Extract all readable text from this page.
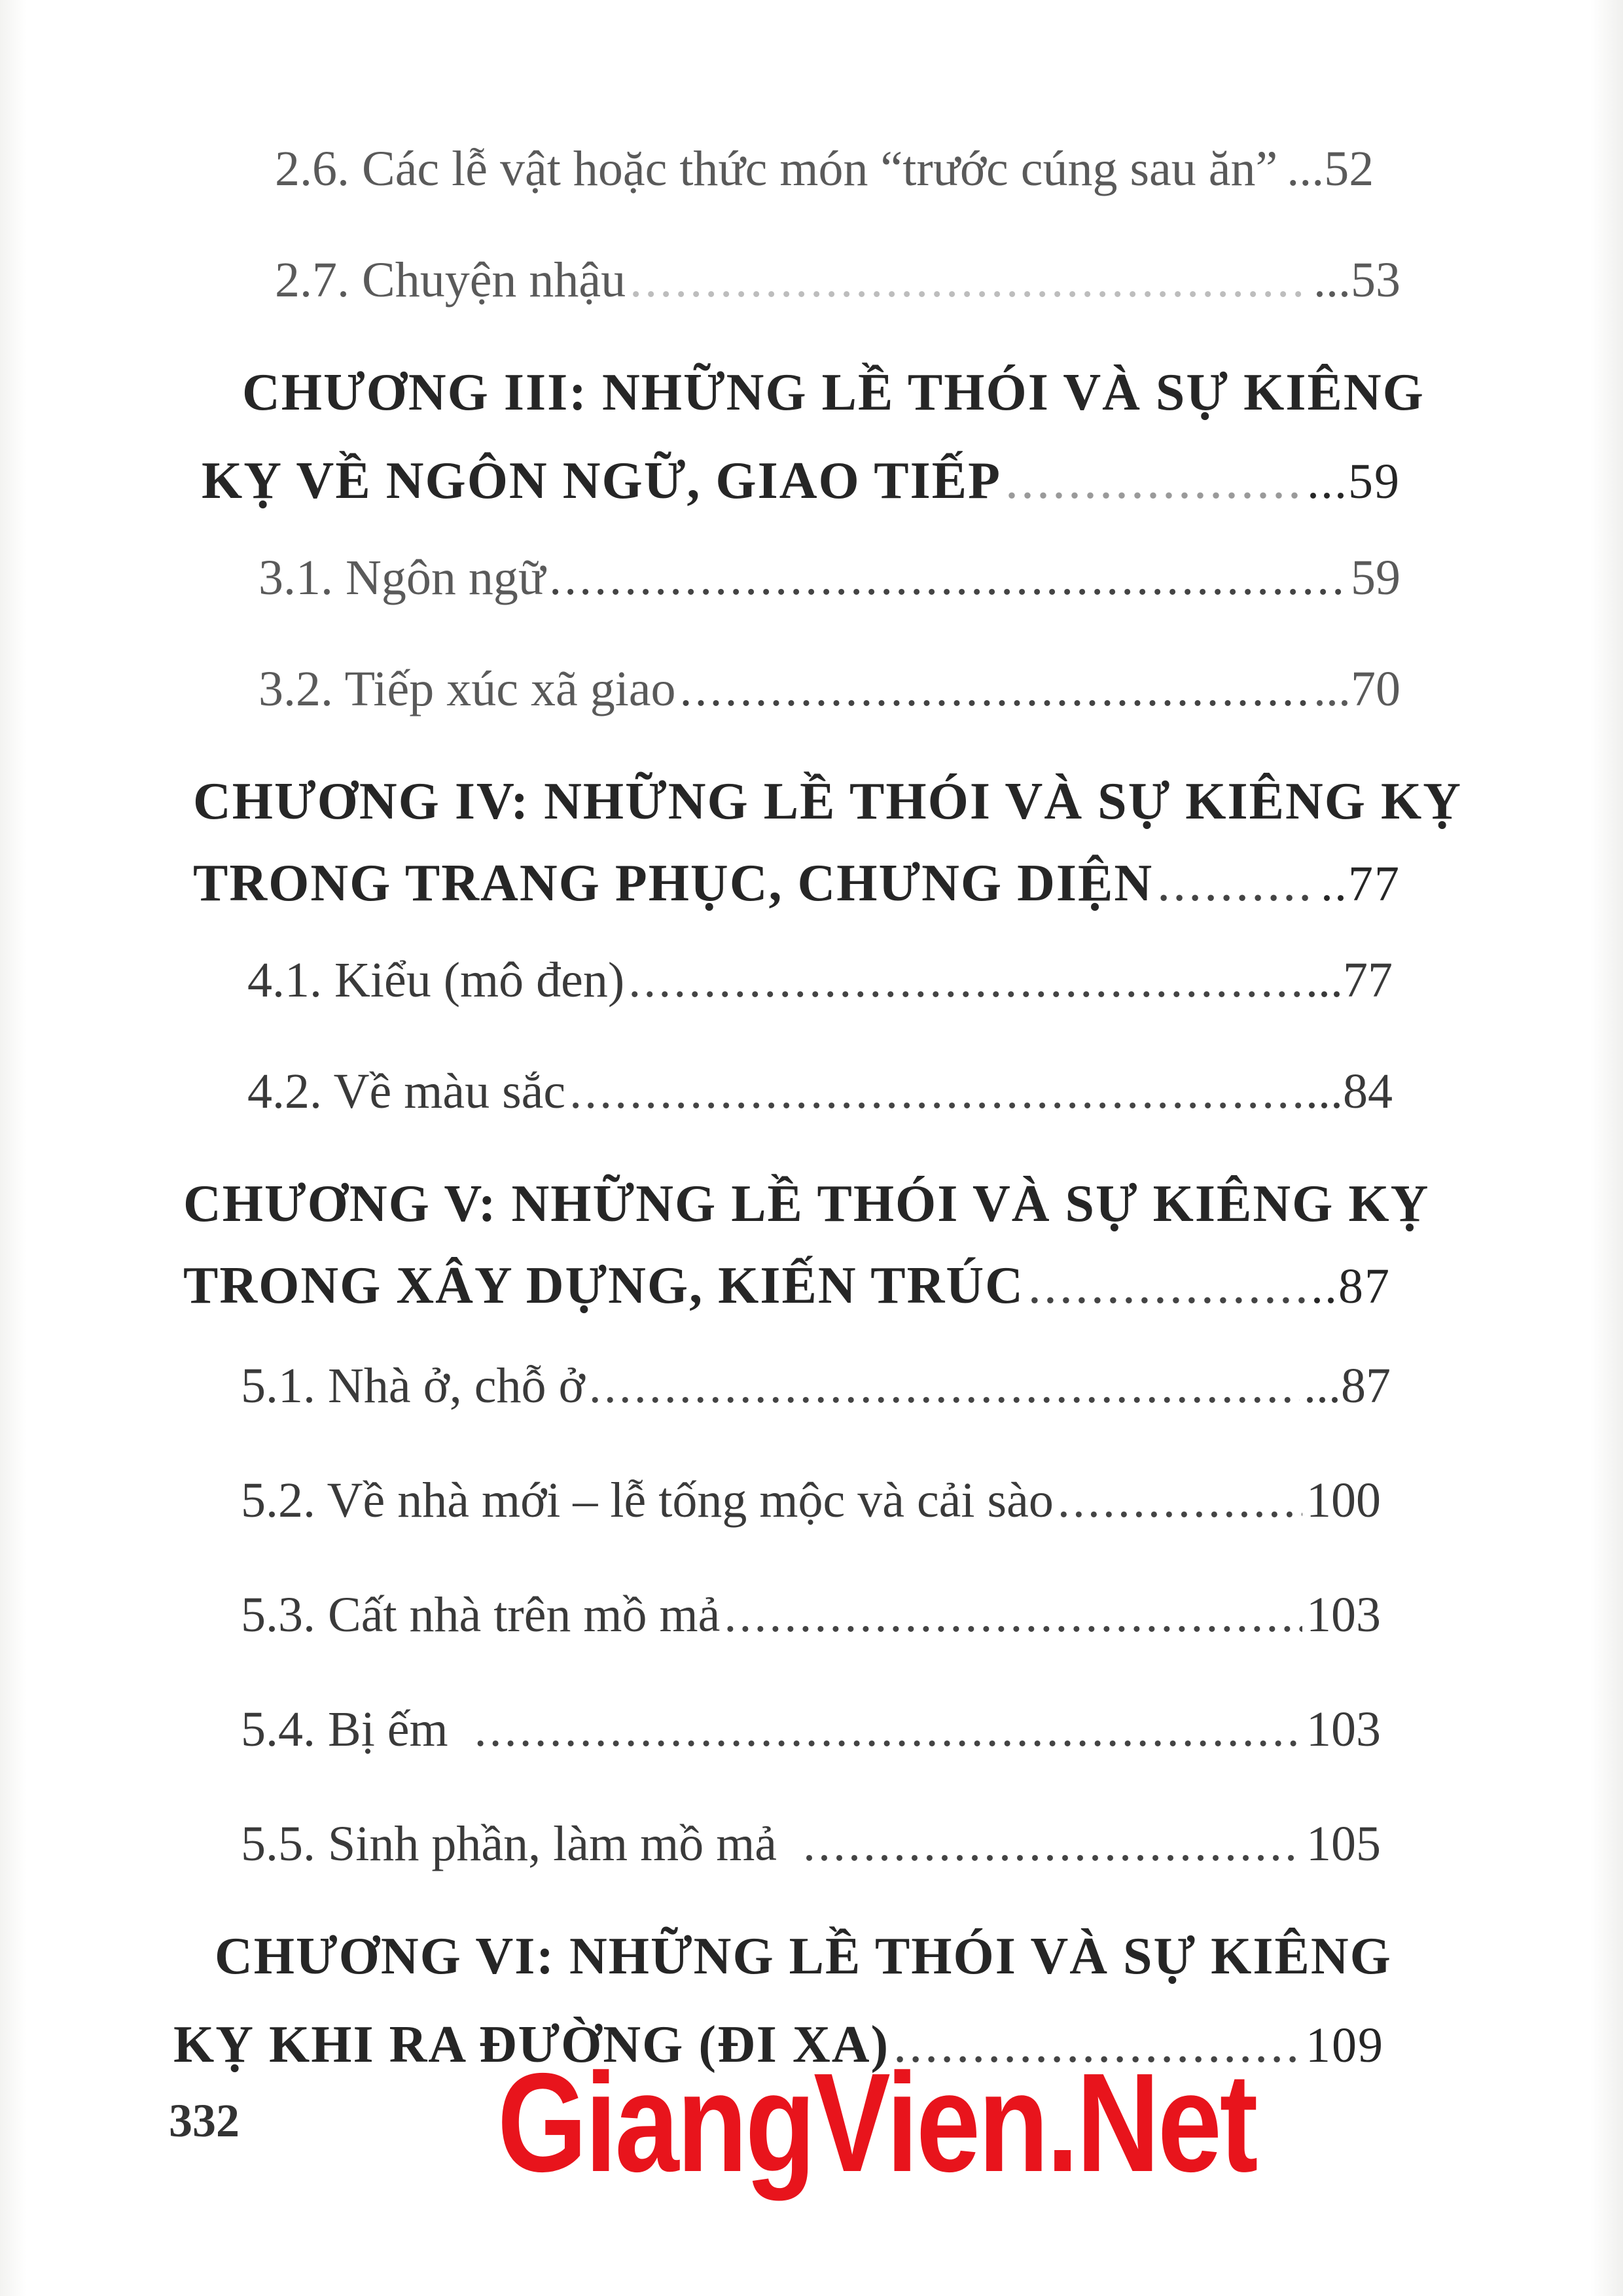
2.6. Các lễ vật hoặc thức món “trước cúng sau ăn” ... 52
2.7. Chuyện nhậu .....	...53
CHƯƠNG III: NHỮNG LỀ THÓI VÀ SỰ KIÊNG
KỴ VỀ NGÔN NGỮ, GIAO TIẾP .....	...59
3.1. Ngôn ngữ .....	59
3.2. Tiếp xúc xã giao .....	...70
CHƯƠNG IV: NHỮNG LỀ THÓI VÀ SỰ KIÊNG KỴ
TRONG TRANG PHỤC, CHƯNG DIỆN .....	..77
4.1. Kiểu (mô đen) .....	...77
4.2. Về màu sắc .....	...84
CHƯƠNG V: NHỮNG LỀ THÓI VÀ SỰ KIÊNG KỴ
TRONG XÂY DỰNG, KIẾN TRÚC .....	..87
5.1. Nhà ở, chỗ ở .....	...87
5.2. Về nhà mới – lễ tống mộc và cải sào .....	100
5.3. Cất nhà trên mồ mả .....	103
5.4. Bị ếm .....	103
5.5. Sinh phần, làm mồ mả .....	105
CHƯƠNG VI: NHỮNG LỀ THÓI VÀ SỰ KIÊNG
KỴ KHI RA ĐƯỜNG (ĐI XA) .....	109
332 GiangVien.Net
